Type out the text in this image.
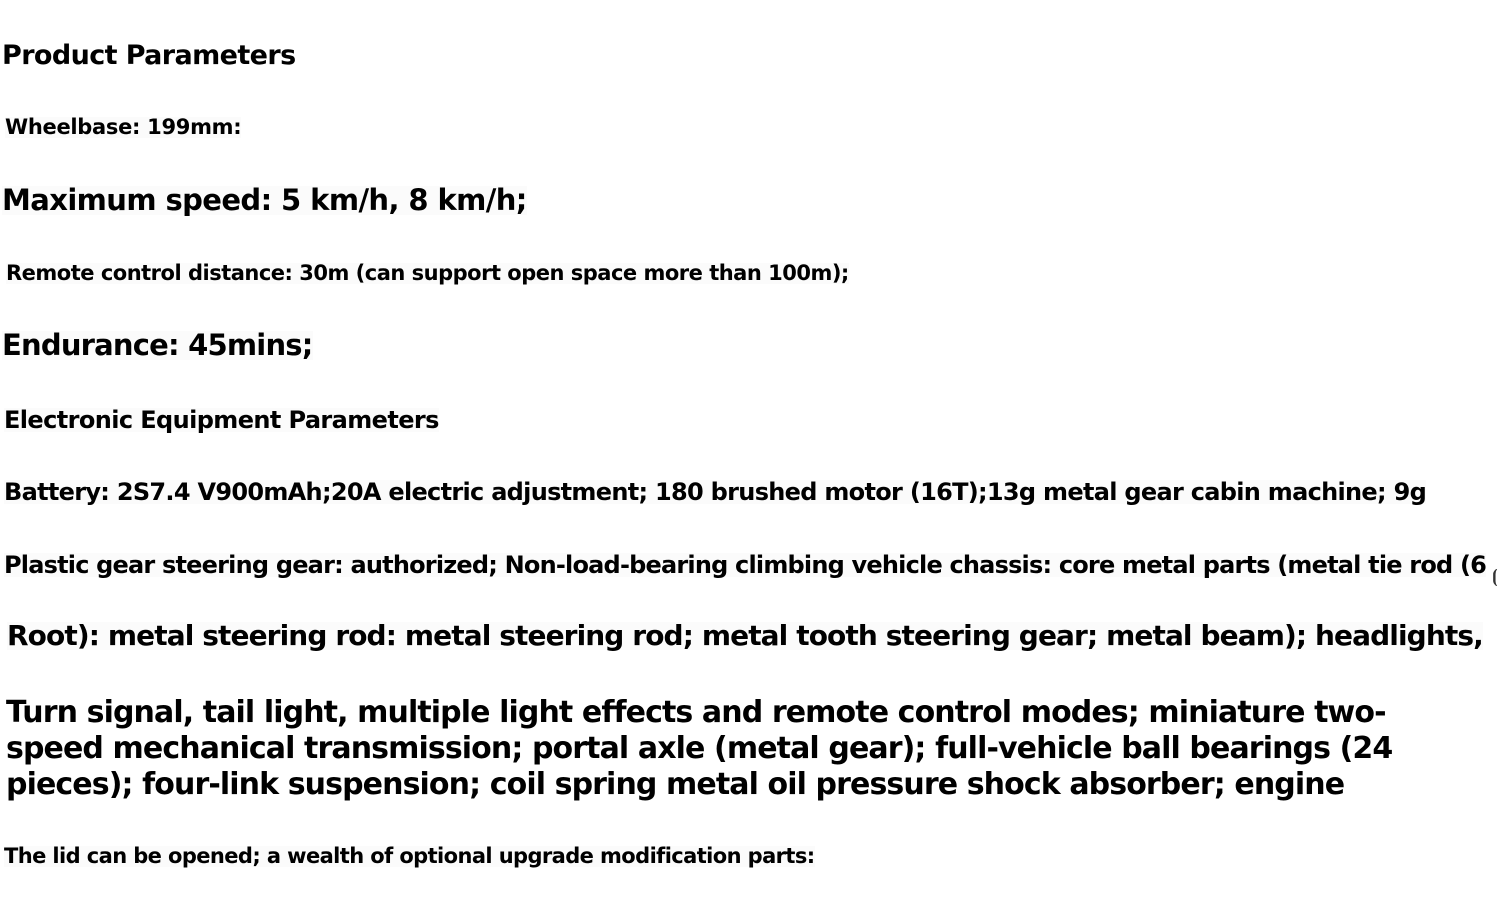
Product Parameters
Wheelbase: 199mm:
Maximum speed: 5 km/h, 8 km/h;
Remote control distance: 30m (can support open space more than 100m);
Endurance: 45mins;
Electronic Equipment Parameters
Battery: 2S7.4 V900mAh;20A electric adjustment; 180 brushed motor (16T);13g metal gear cabin machine; 9g
Plastic gear steering gear: authorized; Non-load-bearing climbing vehicle chassis: core metal parts (metal tie rod (6
Root): metal steering rod: metal steering rod; metal tooth steering gear; metal beam); headlights,
Turn signal, tail light, multiple light effects and remote control modes; miniature two-speed mechanical transmission; portal axle (metal gear); full-vehicle ball bearings (24 pieces); four-link suspension; coil spring metal oil pressure shock absorber; engine
The lid can be opened; a wealth of optional upgrade modification parts:
⦗
